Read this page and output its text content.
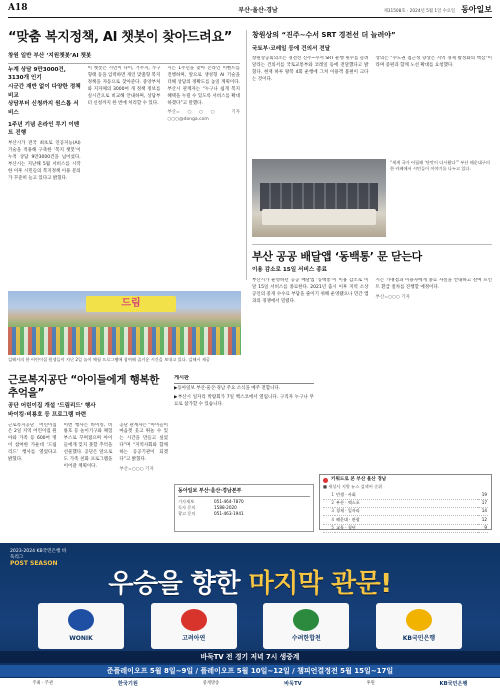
A18	부산·울산·경남	제31508호 · 2024년 5월 1일 수요일 동아일보
“맞춤 복지정책, AI 챗봇이 찾아드려요”
창원 일반 부산 ‘지원챗봇’AI 챗봇
누계 상담 9만3000건, 3130개 인기
시군간 재반 없이 다양한 정책 비교
상담부터 신청까지 원스톱 서비스
1주년 기념 온라인 투기 이벤트 진행

부산시가 전국 최초로 인공지능(AI) 기술을 적용해 구축한 ‘복지 챗봇’이 누적 상담 9만3000건을 넘어섰다. 부산시는 지난해 5월 서비스를 시작한 이후 시민들의 복지정책 이용 문의가 꾸준히 늘고 있다고 밝혔다.

이 챗봇은 시민이 나이, 거주지, 가구 형태 등을 입력하면 개인 맞춤형 복지정책을 자동으로 찾아준다. 중앙부처와 지자체의 3000여 개 정책 정보를 실시간으로 비교해 안내하며, 상담부터 신청까지 한 번에 처리할 수 있다.

시는 1주년을 맞아 온라인 이벤트를 진행하며, 앞으로 생성형 AI 기술을 더해 상담의 정확도를 높일 계획이다. 부산시 관계자는 “누구나 쉽게 복지 혜택을 누릴 수 있도록 서비스를 확대하겠다”고 말했다.

부산=○○○ 기자 ○○○@donga.com

창원상의 “진주~수서 SRT 경전선 더 늘려야”
국토부·코레일 등에 건의서 전달

창원상공회의소는 경전선 진주~수서 SRT 운행 횟수를 늘려 달라는 건의서를 국토교통부와 코레일 등에 전달했다고 밝혔다. 현재 하루 왕복 4회 운행에 그쳐 이용객 불편이 크다는 것이다.

상의는 “수도권 접근성 향상은 지역 경제 활성화의 핵심”이라며 증편과 함께 노선 확대를 요청했다.

“세계 국가 어필해 ‘단맛이 다시왔다’” 부산 해운대구의 한 카페에서 시민들이 이야기를 나누고 있다.
부산 공공 배달앱 ‘동백통’ 문 닫는다
이용 감소로 15일 서비스 종료

부산시가 운영하던 공공 배달앱 ‘동백통’이 이용 감소로 이달 15일 서비스를 종료한다. 2021년 출시 이후 지역 소상공인의 중개 수수료 부담을 줄이기 위해 운영됐으나 민간 앱과의 경쟁에서 밀렸다.

시는 가맹점과 이용자에게 종료 사실을 안내하고 잔여 포인트 환급 절차를 진행할 예정이다.

부산=○○○ 기자

드림
김해시의 한 어린이집 원생들이 지난 2일 놀이 체험 프로그램에 참여해 즐거운 시간을 보내고 있다. 김해시 제공
근로복지공단 “아이들에게 행복한 추억을”
공단 어린이집 개설 ‘드림리드’ 행사
바이킹·비룡호 등 프로그램 마련

근로복지공단 어린이집은 2일 지역 어린이집 원아와 가족 등 600여 명이 참여한 가운데 ‘드림리드’ 행사를 열었다고 밝혔다.

이번 행사는 바이킹, 비룡호 등 놀이기구와 체험 부스로 꾸며졌으며 아이들에게 잊지 못할 추억을 선물했다. 공단은 앞으로도 가족 친화 프로그램을 이어갈 계획이다.

공단 관계자는 “아이들이 마음껏 웃고 뛰놀 수 있는 시간을 만들고 싶었다”며 “지역사회와 함께하는 공공기관이 되겠다”고 밝혔다.

부산=○○○ 기자

게시판

▶동아일보 부산·울산·경남 주요 소식을 매주 전합니다.

▶부산시 일자리 박람회가 7일 벡스코에서 열립니다. 구직자 누구나 무료로 참가할 수 있습니다.

동아일보 부산·울산·경남본부
기사제보	051-464-7870
독자 문의	1588-2020
광고 문의	051-463-1941
키워드로 본 부산 울산 경남
■ 세상사 지방 뉴스 검색어 순위
1	민생 · 사회	19
2	부산 · 엑스포	17
3	경제 · 일자리	14
4	해운대 · 관광	12
5	교육 · 청년	9
2023-2024 KB국민은행 바둑리그
POST SEASON
우승을 향한 마지막 관문!
WONIK	고려아연	수려한합천	KB국민은행
바둑TV 전 경기 저녁 7시 생중계
준플레이오프 5월 8일~9일 / 플레이오프 5월 10일~12일 / 챔피언결정전 5월 15일~17일
주최 · 주관	한국기원	중계방송	바둑TV	후원	KB국민은행
